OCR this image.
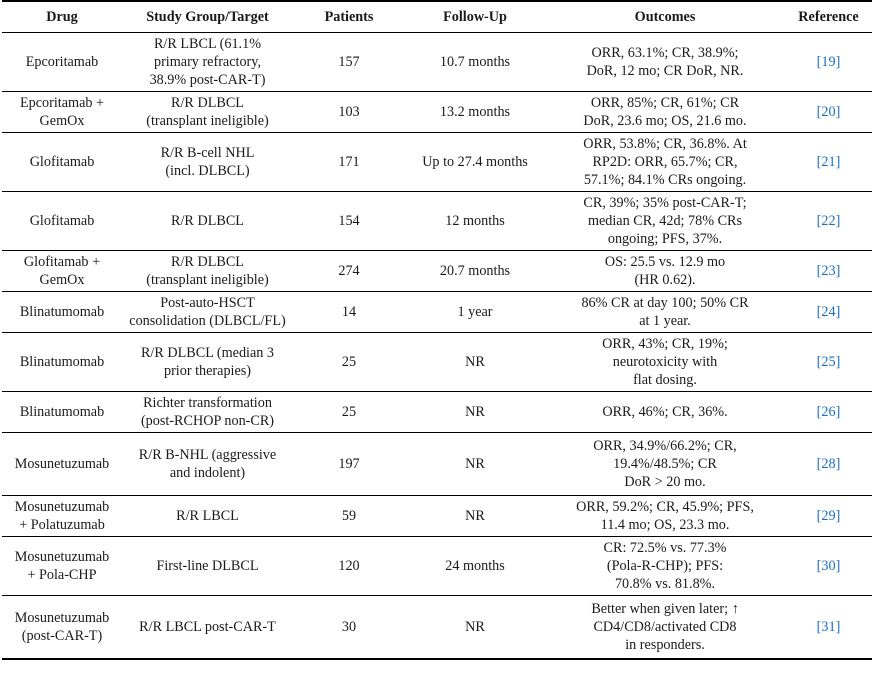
Drug	Study Group/Target	Patients	Follow-Up	Outcomes	Reference
Epcoritamab	R/R LBCL (61.1%
primary refractory,
38.9% post-CAR-T)	157	10.7 months	ORR, 63.1%; CR, 38.9%;
DoR, 12 mo; CR DoR, NR.	[19]
Epcoritamab +
GemOx	R/R DLBCL
(transplant ineligible)	103	13.2 months	ORR, 85%; CR, 61%; CR
DoR, 23.6 mo; OS, 21.6 mo.	[20]
Glofitamab	R/R B-cell NHL
(incl. DLBCL)	171	Up to 27.4 months	ORR, 53.8%; CR, 36.8%. At
RP2D: ORR, 65.7%; CR,
57.1%; 84.1% CRs ongoing.	[21]
Glofitamab	R/R DLBCL	154	12 months	CR, 39%; 35% post-CAR-T;
median CR, 42d; 78% CRs
ongoing; PFS, 37%.	[22]
Glofitamab +
GemOx	R/R DLBCL
(transplant ineligible)	274	20.7 months	OS: 25.5 vs. 12.9 mo
(HR 0.62).	[23]
Blinatumomab	Post-auto-HSCT
consolidation (DLBCL/FL)	14	1 year	86% CR at day 100; 50% CR
at 1 year.	[24]
Blinatumomab	R/R DLBCL (median 3
prior therapies)	25	NR	ORR, 43%; CR, 19%;
neurotoxicity with
flat dosing.	[25]
Blinatumomab	Richter transformation
(post-RCHOP non-CR)	25	NR	ORR, 46%; CR, 36%.	[26]
Mosunetuzumab	R/R B-NHL (aggressive
and indolent)	197	NR	ORR, 34.9%/66.2%; CR,
19.4%/48.5%; CR
DoR > 20 mo.	[28]
Mosunetuzumab
+ Polatuzumab	R/R LBCL	59	NR	ORR, 59.2%; CR, 45.9%; PFS,
11.4 mo; OS, 23.3 mo.	[29]
Mosunetuzumab
+ Pola-CHP	First-line DLBCL	120	24 months	CR: 72.5% vs. 77.3%
(Pola-R-CHP); PFS:
70.8% vs. 81.8%.	[30]
Mosunetuzumab
(post-CAR-T)	R/R LBCL post-CAR-T	30	NR	Better when given later; ↑
CD4/CD8/activated CD8
in responders.	[31]
